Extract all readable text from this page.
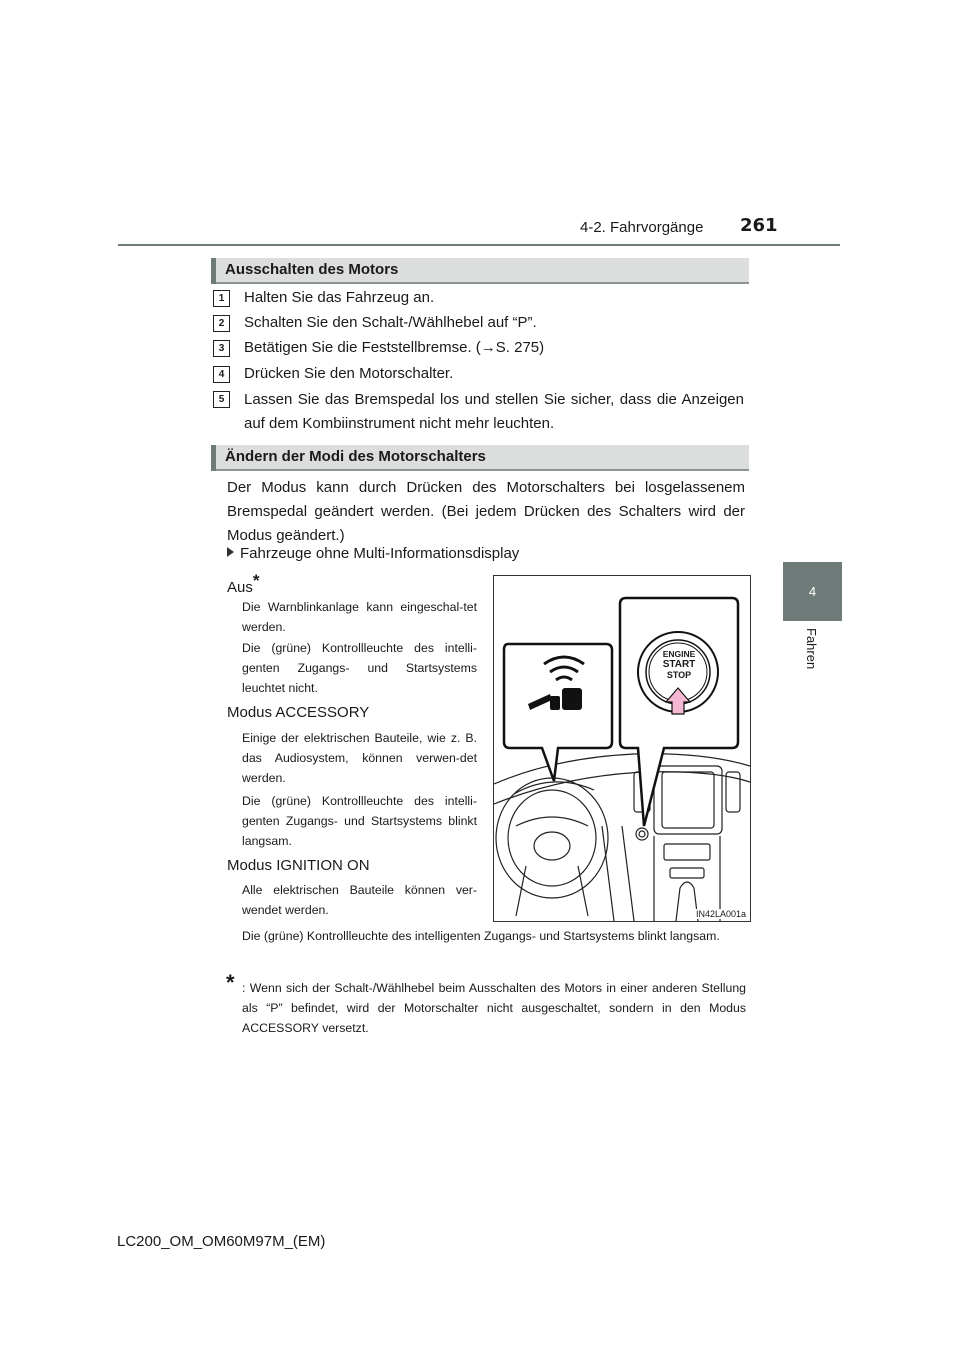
4-2. Fahrvorgänge 261
4
Fahren
Ausschalten des Motors
1	Halten Sie das Fahrzeug an.
2	Schalten Sie den Schalt-/Wählhebel auf “P”.
3	Betätigen Sie die Feststellbremse. (→S. 275)
4	Drücken Sie den Motorschalter.
5	Lassen Sie das Bremspedal los und stellen Sie sicher, dass die Anzeigen auf dem Kombiinstrument nicht mehr leuchten.
Ändern der Modi des Motorschalters
Der Modus kann durch Drücken des Motorschalters bei losgelassenem Bremspedal geändert werden. (Bei jedem Drücken des Schalters wird der Modus geändert.)
Fahrzeuge ohne Multi-Informationsdisplay
Aus*
Die Warnblinkanlage kann eingeschal-tet werden.
Die (grüne) Kontrollleuchte des intelli-genten Zugangs- und Startsystems leuchtet nicht.
Modus ACCESSORY
Einige der elektrischen Bauteile, wie z. B. das Audiosystem, können verwen-det werden.
Die (grüne) Kontrollleuchte des intelli-genten Zugangs- und Startsystems blinkt langsam.
Modus IGNITION ON
Alle elektrischen Bauteile können ver-wendet werden.
Die (grüne) Kontrollleuchte des intelligenten Zugangs- und Startsystems blinkt langsam.
* : Wenn sich der Schalt-/Wählhebel beim Ausschalten des Motors in einer anderen Stellung als “P” befindet, wird der Motorschalter nicht ausgeschaltet, sondern in den Modus ACCESSORY versetzt.
ENGINE
START
STOP
IN42LA001a
LC200_OM_OM60M97M_(EM)
